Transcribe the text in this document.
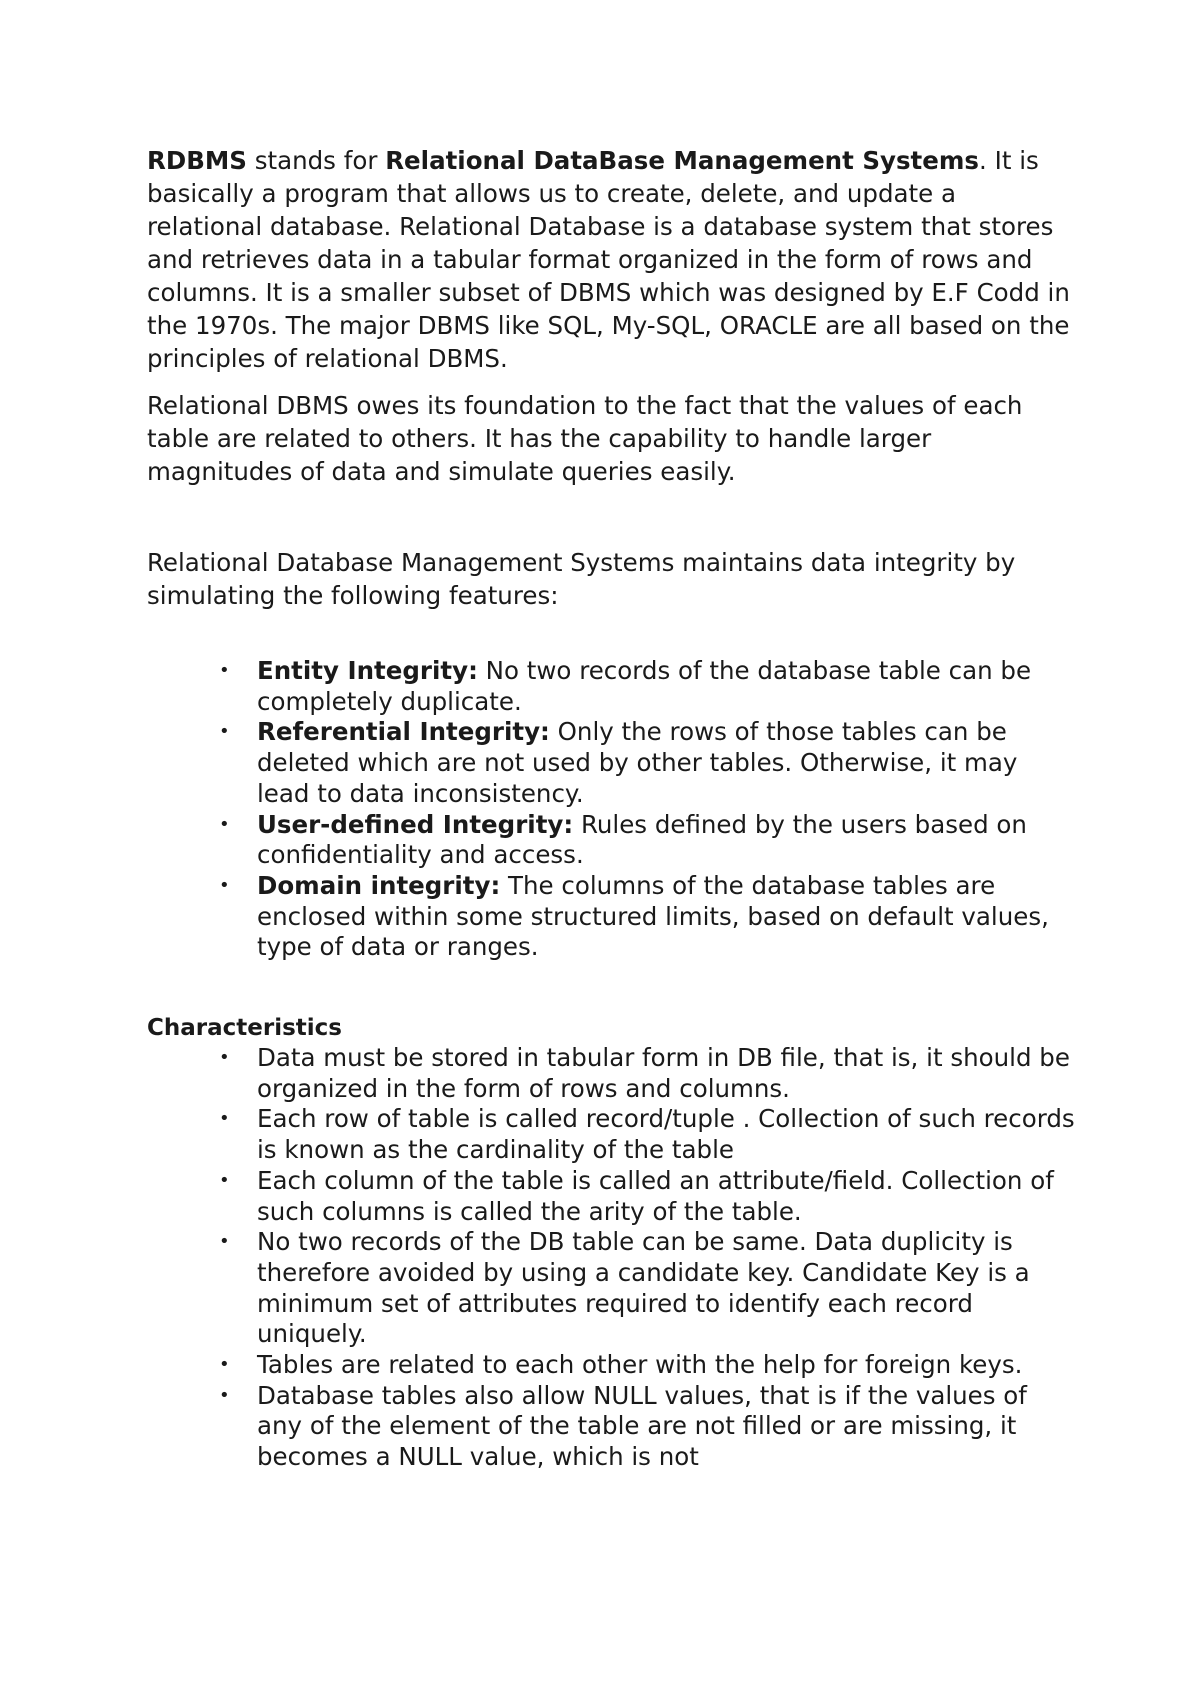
RDBMS stands for Relational DataBase Management Systems. It is basically a program that allows us to create, delete, and update a relational database. Relational Database is a database system that stores and retrieves data in a tabular format organized in the form of rows and columns. It is a smaller subset of DBMS which was designed by E.F Codd in the 1970s. The major DBMS like SQL, My-SQL, ORACLE are all based on the principles of relational DBMS.

Relational DBMS owes its foundation to the fact that the values of each table are related to others. It has the capability to handle larger magnitudes of data and simulate queries easily.

Relational Database Management Systems maintains data integrity by simulating the following features:

• Entity Integrity: No two records of the database table can be completely duplicate.
• Referential Integrity: Only the rows of those tables can be deleted which are not used by other tables. Otherwise, it may lead to data inconsistency.
• User-defined Integrity: Rules defined by the users based on confidentiality and access.
• Domain integrity: The columns of the database tables are enclosed within some structured limits, based on default values, type of data or ranges.

Characteristics

• Data must be stored in tabular form in DB file, that is, it should be organized in the form of rows and columns.
• Each row of table is called record/tuple . Collection of such records is known as the cardinality of the table
• Each column of the table is called an attribute/field. Collection of such columns is called the arity of the table.
• No two records of the DB table can be same. Data duplicity is therefore avoided by using a candidate key. Candidate Key is a minimum set of attributes required to identify each record uniquely.
• Tables are related to each other with the help for foreign keys.
• Database tables also allow NULL values, that is if the values of any of the element of the table are not filled or are missing, it becomes a NULL value, which is not
